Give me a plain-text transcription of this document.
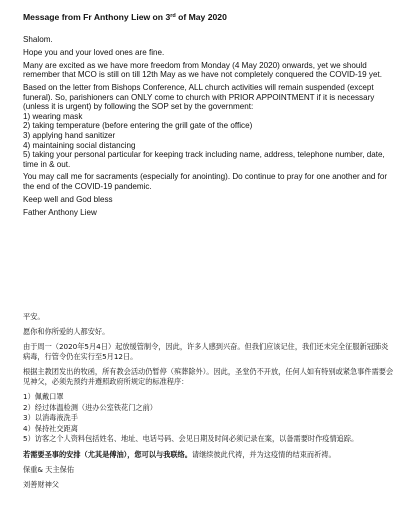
Message from Fr Anthony Liew on 3rd of May 2020

Shalom.

Hope you and your loved ones are fine.

Many are excited as we have more freedom from Monday (4 May 2020) onwards, yet we should remember that MCO is still on till 12th May as we have not completely conquered the COVID-19 yet.

Based on the letter from Bishops Conference, ALL church activities will remain suspended (except funeral). So, parishioners can ONLY come to church with PRIOR APPOINTMENT if it is necessary (unless it is urgent) by following the SOP set by the government:

1) wearing mask
2) taking temperature (before entering the grill gate of the office)
3) applying hand sanitizer
4) maintaining social distancing
5) taking your personal particular for keeping track including name, address, telephone number, date, time in & out.

You may call me for sacraments (especially for anointing). Do continue to pray for one another and for the end of the COVID-19 pandemic.

Keep well and God bless

Father Anthony Liew

平安。

愿你和你所爱的人都安好。

由于周一（2020年5月4日）起放缓管制令，因此，许多人感到兴奋。但我们应该记住，我们还未完全征服新冠肺炎病毒，行管令仍在实行至5月12日。

根据主教团发出的牧函，所有教会活动仍暂停（殡葬除外）。因此，圣堂仍不开放，任何人如有特别或紧急事件需要会见神父，必须先预约并遵照政府所规定的标准程序：

1）佩戴口罩
2）经过体温检测（进办公室铁花门之前）
3）以消毒液洗手
4）保持社交距离
5）访客之个人资料包括姓名、地址、电话号码、会见日期及时间必须记录在案，以备需要时作疫情追踪。

若需要圣事的安排（尤其是傅油），您可以与我联络。请继续彼此代祷，并为这疫情的结束而祈祷。

保重& 天主保佑

刘善财神父
